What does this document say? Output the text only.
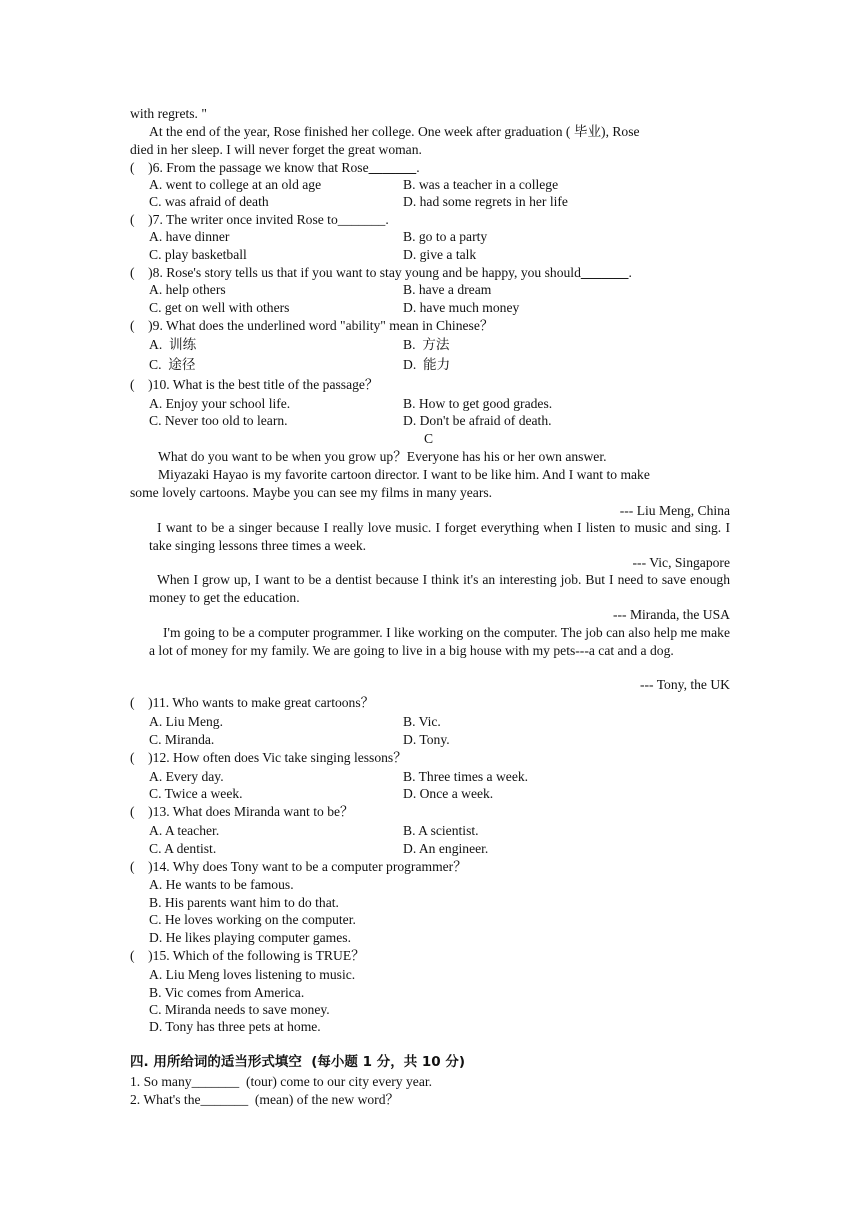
with regrets. "
At the end of the year, Rose finished her college. One week after graduation ( 毕业), Rose
died in her sleep. I will never forget the great woman.
(    )6. From the passage we know that Rose_______.
A. went to college at an old age	B. was a teacher in a college
C. was afraid of death	D. had some regrets in her life
(    )7. The writer once invited Rose to_______.
A. have dinner	B. go to a party
C. play basketball	D. give a talk
(    )8. Rose's story tells us that if you want to stay young and be happy, you should_______.
A. help others	B. have a dream
C. get on well with others	D. have much money
(    )9. What does the underlined word "ability" mean in Chinese？
A.  训练	B.  方法
C.  途径	D.  能力
(    )10. What is the best title of the passage？
A. Enjoy your school life.	B. How to get good grades.
C. Never too old to learn.	D. Don't be afraid of death.
C
What do you want to be when you grow up？Everyone has his or her own answer.
Miyazaki Hayao is my favorite cartoon director. I want to be like him. And I want to make
some lovely cartoons. Maybe you can see my films in many years.
--- Liu Meng, China
I want to be a singer because I really love music. I forget everything when I listen to music and sing. I take singing lessons three times a week.
--- Vic, Singapore
When I grow up, I want to be a dentist because I think it's an interesting job. But I need to save enough money to get the education.
--- Miranda, the USA
I'm going to be a computer programmer. I like working on the computer. The job can also help me make a lot of money for my family. We are going to live in a big house with my pets---a cat and a dog.
--- Tony, the UK
(    )11. Who wants to make great cartoons？
A. Liu Meng.	B. Vic.
C. Miranda.	D. Tony.
(    )12. How often does Vic take singing lessons？
A. Every day.	B. Three times a week.
C. Twice a week.	D. Once a week.
(    )13. What does Miranda want to be？
A. A teacher.	B. A scientist.
C. A dentist.	D. An engineer.
(    )14. Why does Tony want to be a computer programmer？
A. He wants to be famous.
B. His parents want him to do that.
C. He loves working on the computer.
D. He likes playing computer games.
(    )15. Which of the following is TRUE？
A. Liu Meng loves listening to music.
B. Vic comes from America.
C. Miranda needs to save money.
D. Tony has three pets at home.
四. 用所给词的适当形式填空  (每小题 1 分，共 10 分)
1. So many_______  (tour) come to our city every year.
2. What's the_______  (mean) of the new word？
